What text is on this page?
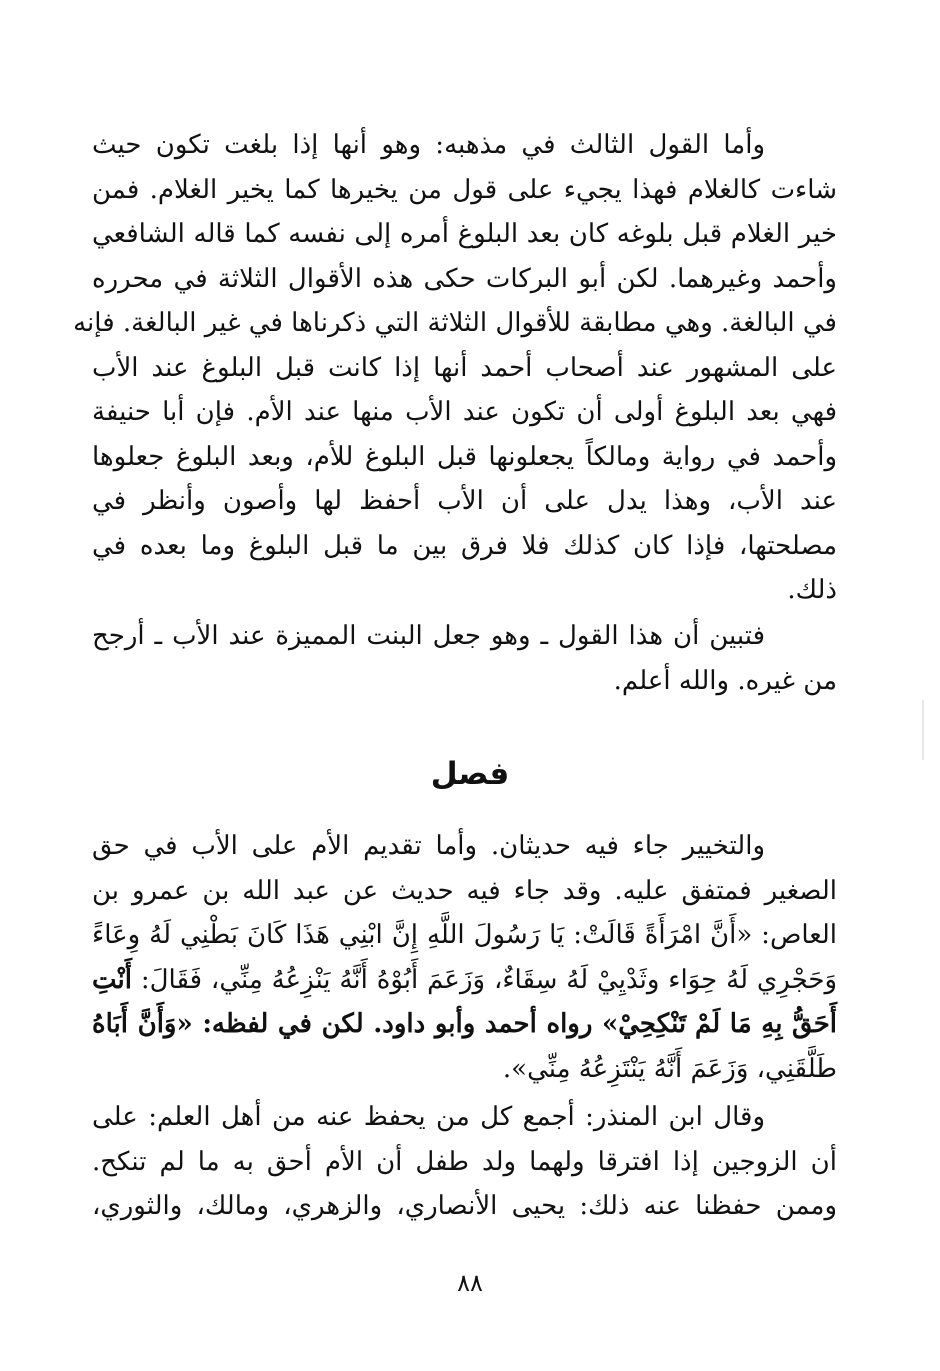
وأما القول الثالث في مذهبه: وهو أنها إذا بلغت تكون حيث
شاءت كالغلام فهذا يجيء على قول من يخيرها كما يخير الغلام. فمن
خير الغلام قبل بلوغه كان بعد البلوغ أمره إلى نفسه كما قاله الشافعي
وأحمد وغيرهما. لكن أبو البركات حكى هذه الأقوال الثلاثة في محرره
في البالغة. وهي مطابقة للأقوال الثلاثة التي ذكرناها في غير البالغة. فإنه
على المشهور عند أصحاب أحمد أنها إذا كانت قبل البلوغ عند الأب
فهي بعد البلوغ أولى أن تكون عند الأب منها عند الأم. فإن أبا حنيفة
وأحمد في رواية ومالكاً يجعلونها قبل البلوغ للأم، وبعد البلوغ جعلوها
عند الأب، وهذا يدل على أن الأب أحفظ لها وأصون وأنظر في
مصلحتها، فإذا كان كذلك فلا فرق بين ما قبل البلوغ وما بعده في
ذلك.
فتبين أن هذا القول ـ وهو جعل البنت المميزة عند الأب ـ أرجح
من غيره. والله أعلم.
فصل
والتخيير جاء فيه حديثان. وأما تقديم الأم على الأب في حق
الصغير فمتفق عليه. وقد جاء فيه حديث عن عبد الله بن عمرو بن
العاص: «أَنَّ امْرَأَةً قَالَتْ: يَا رَسُولَ اللَّهِ إِنَّ ابْنِي هَذَا كَانَ بَطْنِي لَهُ وِعَاءً
وَحَجْرِي لَهُ حِوَاء وثَدْيِيْ لَهُ سِقَاءٌ، وَزَعَمَ أَبُوْهُ أَنَّهُ يَنْزِعُهُ مِنِّي، فَقَالَ: أَنْتِ
أَحَقُّ بِهِ مَا لَمْ تَنْكِحِيْ» رواه أحمد وأبو داود. لكن في لفظه: «وَأَنَّ أَبَاهُ
طَلَّقَنِي، وَزَعَمَ أَنَّهُ يَنْتَزِعُهُ مِنِّي».
وقال ابن المنذر: أجمع كل من يحفظ عنه من أهل العلم: على
أن الزوجين إذا افترقا ولهما ولد طفل أن الأم أحق به ما لم تنكح.
وممن حفظنا عنه ذلك: يحيى الأنصاري، والزهري، ومالك، والثوري،

٨٨
